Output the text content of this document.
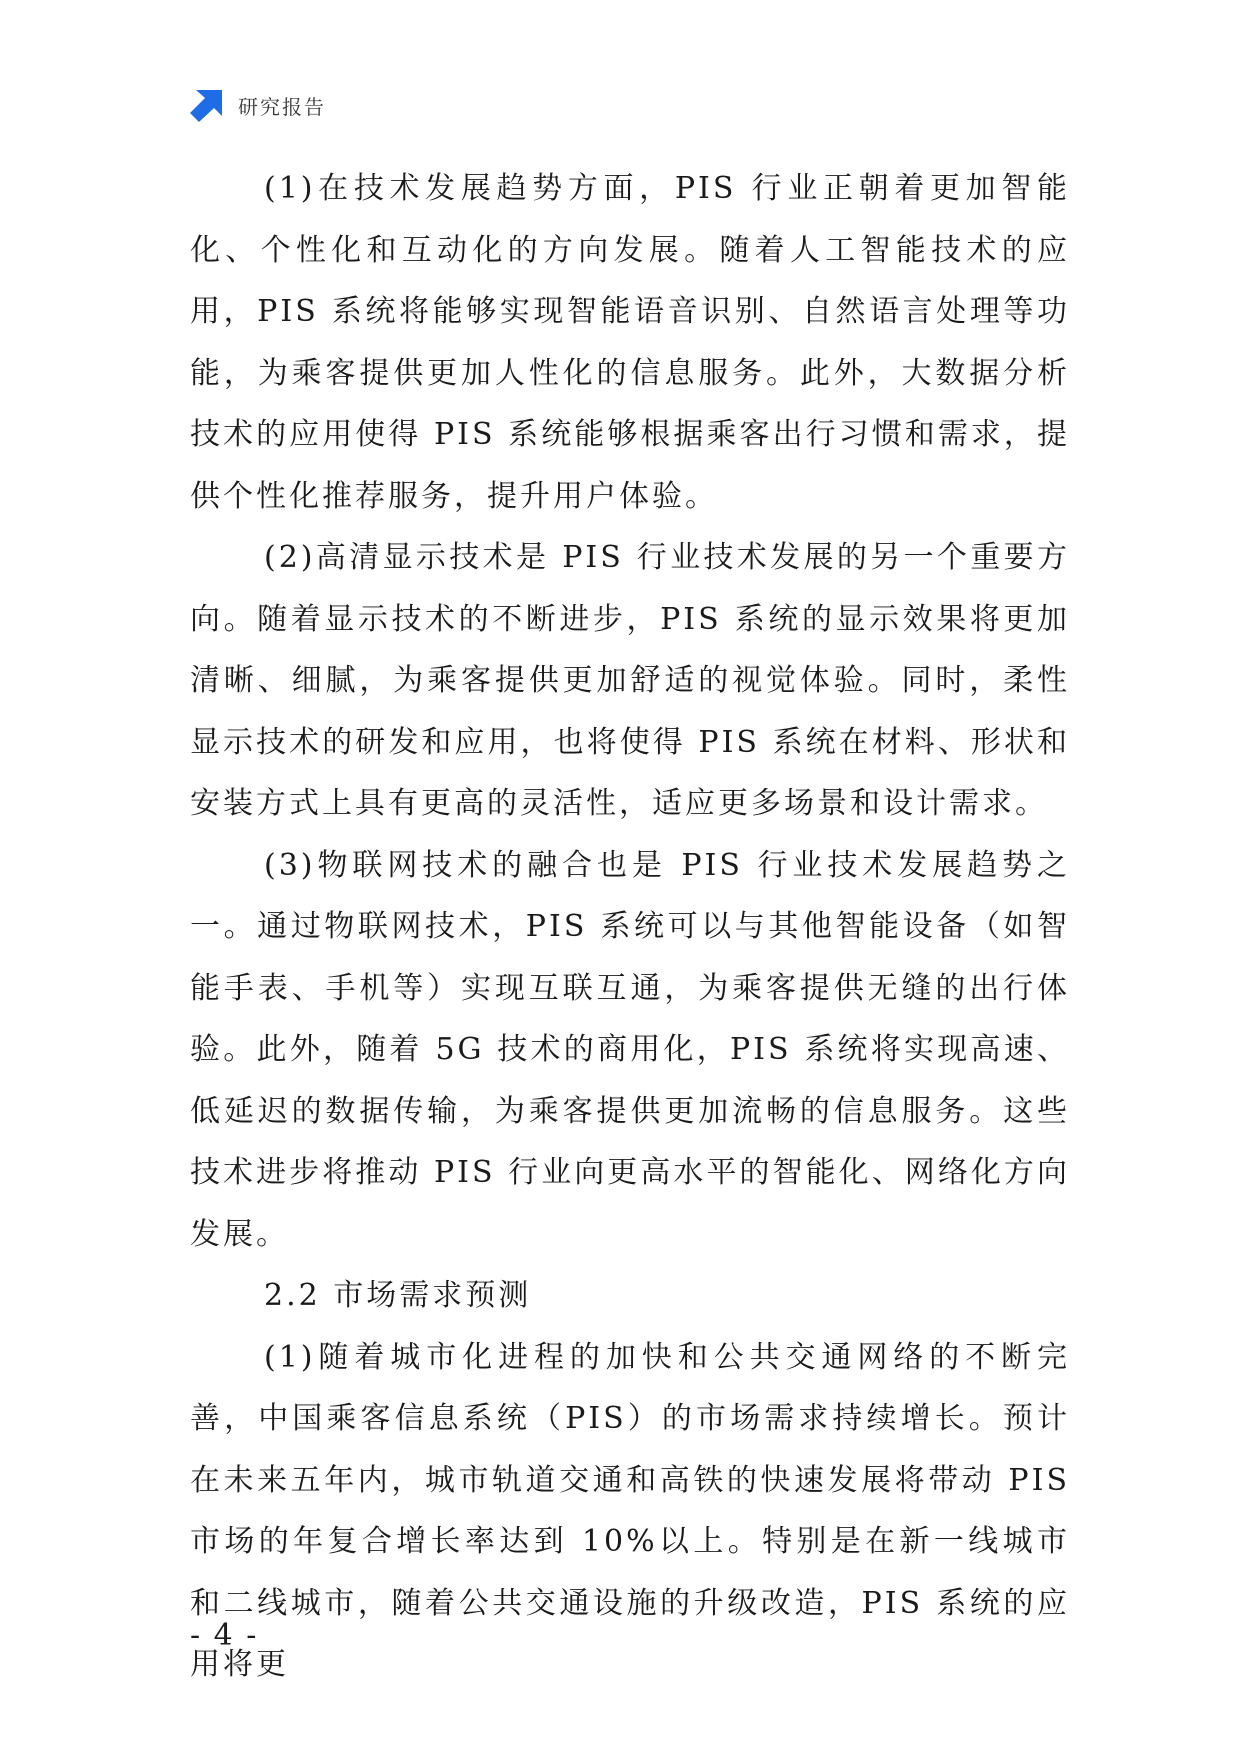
研究报告

(1)在技术发展趋势方面，PIS 行业正朝着更加智能化、个性化和互动化的方向发展。随着人工智能技术的应用，PIS 系统将能够实现智能语音识别、自然语言处理等功能，为乘客提供更加人性化的信息服务。此外，大数据分析技术的应用使得 PIS 系统能够根据乘客出行习惯和需求，提供个性化推荐服务，提升用户体验。

(2)高清显示技术是 PIS 行业技术发展的另一个重要方向。随着显示技术的不断进步，PIS 系统的显示效果将更加清晰、细腻，为乘客提供更加舒适的视觉体验。同时，柔性显示技术的研发和应用，也将使得 PIS 系统在材料、形状和安装方式上具有更高的灵活性，适应更多场景和设计需求。

(3)物联网技术的融合也是 PIS 行业技术发展趋势之一。通过物联网技术，PIS 系统可以与其他智能设备（如智能手表、手机等）实现互联互通，为乘客提供无缝的出行体验。此外，随着 5G 技术的商用化，PIS 系统将实现高速、低延迟的数据传输，为乘客提供更加流畅的信息服务。这些技术进步将推动 PIS 行业向更高水平的智能化、网络化方向发展。

2.2 市场需求预测

(1)随着城市化进程的加快和公共交通网络的不断完善，中国乘客信息系统（PIS）的市场需求持续增长。预计在未来五年内，城市轨道交通和高铁的快速发展将带动 PIS 市场的年复合增长率达到 10%以上。特别是在新一线城市和二线城市，随着公共交通设施的升级改造，PIS 系统的应用将更

- 4 -
